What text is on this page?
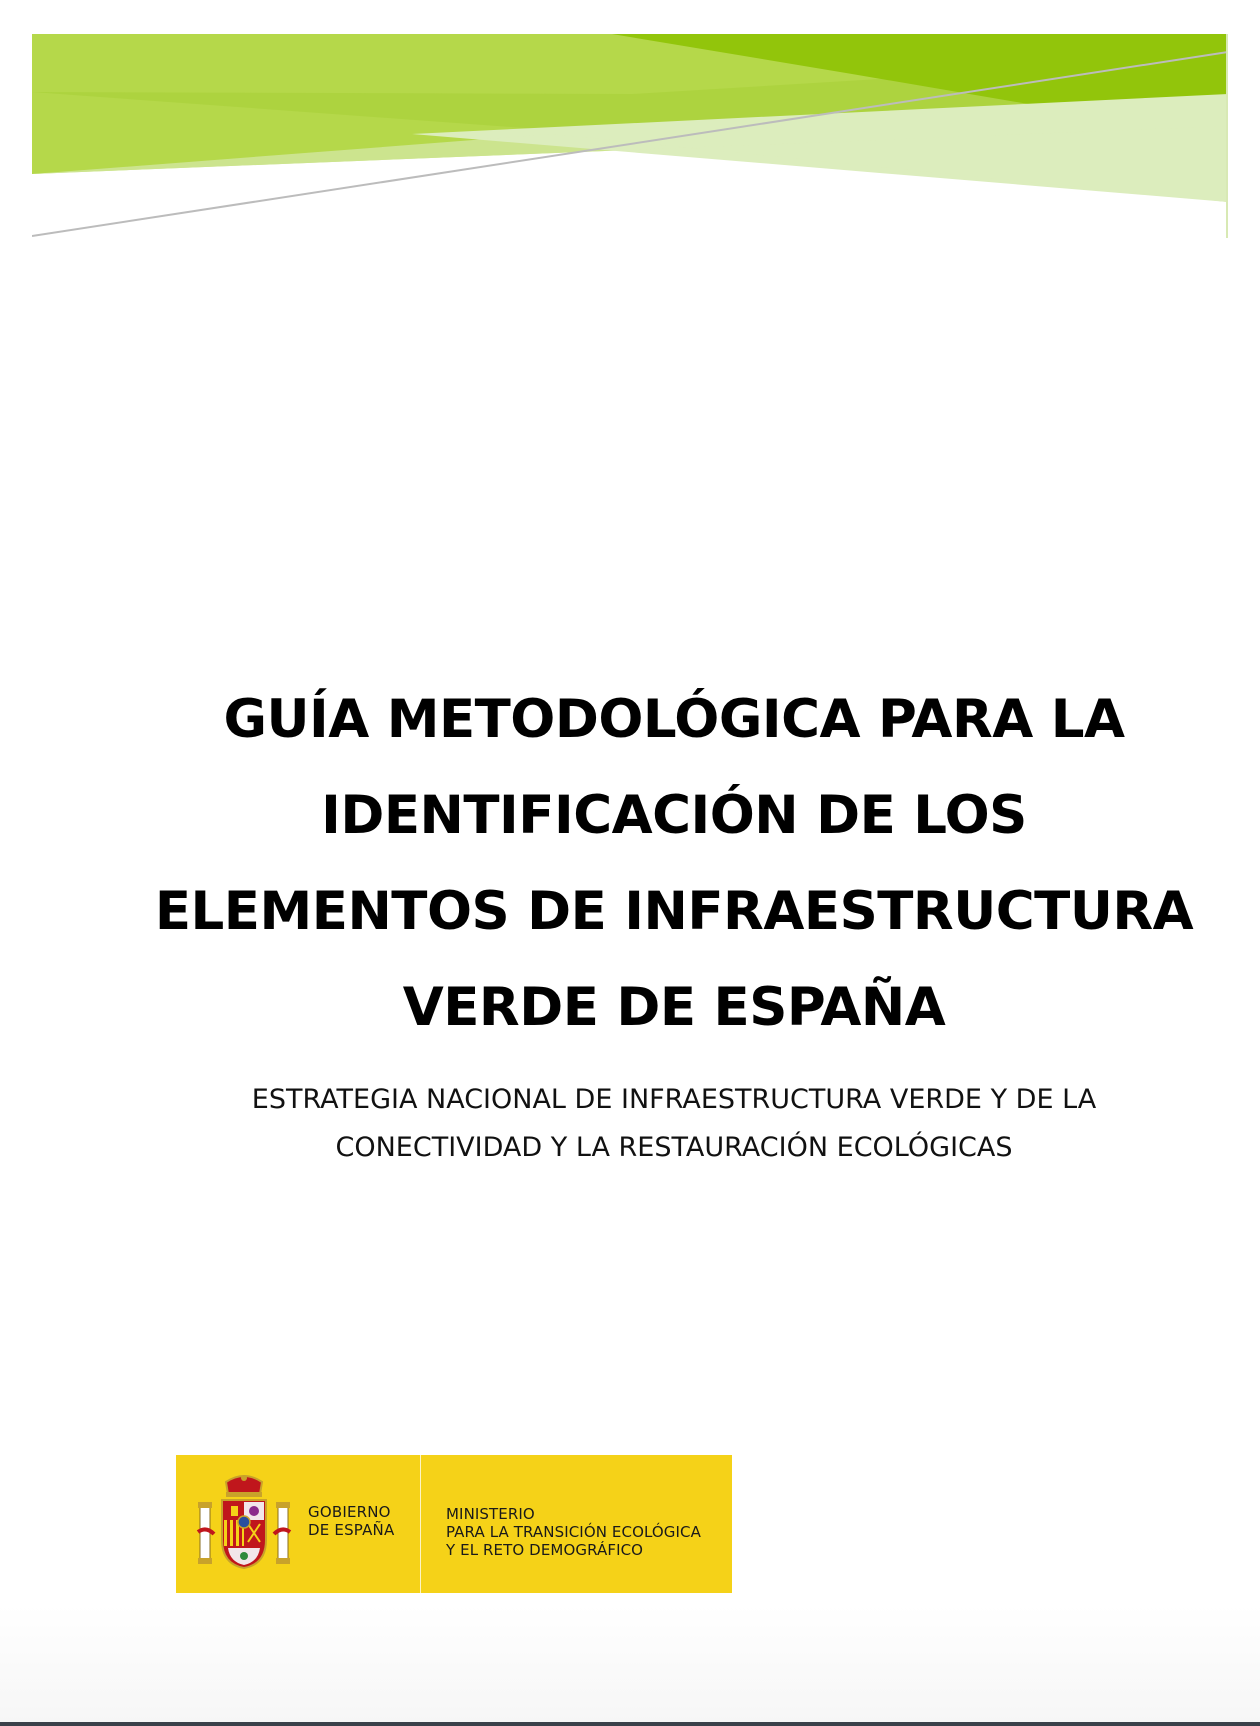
GUÍA METODOLÓGICA PARA LA
IDENTIFICACIÓN DE LOS
ELEMENTOS DE INFRAESTRUCTURA
VERDE DE ESPAÑA

ESTRATEGIA NACIONAL DE INFRAESTRUCTURA VERDE Y DE LA
CONECTIVIDAD Y LA RESTAURACIÓN ECOLÓGICAS

GOBIERNO
DE ESPAÑA
MINISTERIO
PARA LA TRANSICIÓN ECOLÓGICA
Y EL RETO DEMOGRÁFICO
